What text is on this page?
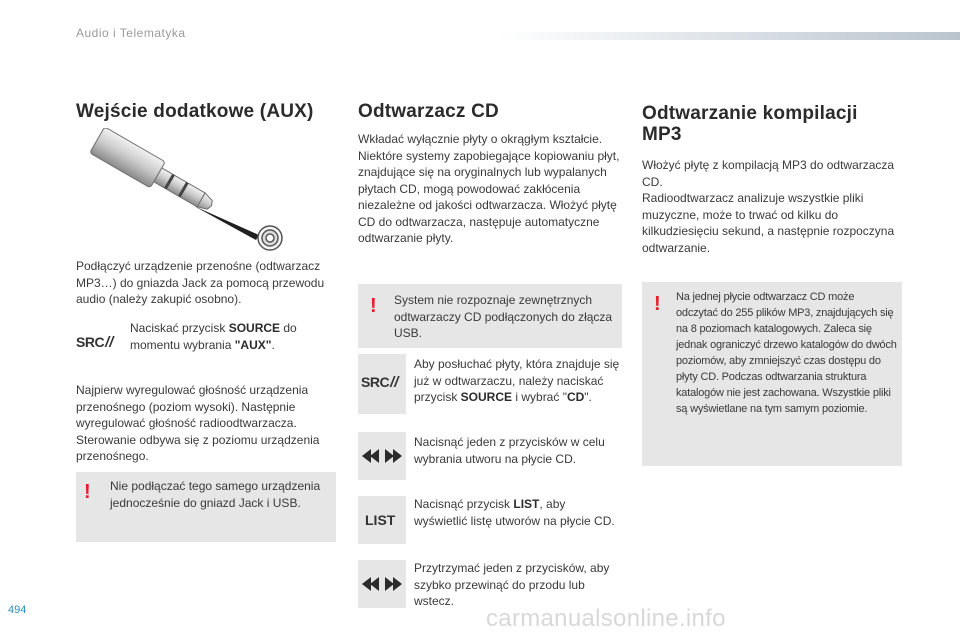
Audio i Telematyka
Wejście dodatkowe (AUX)

Podłączyć urządzenie przenośne (odtwarzacz MP3…) do gniazda Jack za pomocą przewodu audio (należy zakupić osobno).

SRC//

Naciskać przycisk SOURCE do momentu wybrania "AUX".

Najpierw wyregulować głośność urządzenia przenośnego (poziom wysoki). Następnie wyregulować głośność radioodtwarzacza. Sterowanie odbywa się z poziomu urządzenia przenośnego.

! Nie podłączać tego samego urządzenia jednocześnie do gniazd Jack i USB.
Odtwarzacz CD

Wkładać wyłącznie płyty o okrągłym kształcie. Niektóre systemy zapobiegające kopiowaniu płyt, znajdujące się na oryginalnych lub wypalanych płytach CD, mogą powodować zakłócenia niezależne od jakości odtwarzacza. Włożyć płytę CD do odtwarzacza, następuje automatyczne odtwarzanie płyty.

! System nie rozpoznaje zewnętrznych odtwarzaczy CD podłączonych do złącza USB.
SRC//

Aby posłuchać płyty, która znajduje się już w odtwarzaczu, należy naciskać przycisk SOURCE i wybrać "CD".

Nacisnąć jeden z przycisków w celu wybrania utworu na płycie CD.

LIST

Nacisnąć przycisk LIST, aby wyświetlić listę utworów na płycie CD.

Przytrzymać jeden z przycisków, aby szybko przewinąć do przodu lub wstecz.

Odtwarzanie kompilacji MP3

Włożyć płytę z kompilacją MP3 do odtwarzacza CD.

Radioodtwarzacz analizuje wszystkie pliki muzyczne, może to trwać od kilku do kilkudziesięciu sekund, a następnie rozpoczyna odtwarzanie.

! Na jednej płycie odtwarzacz CD może odczytać do 255 plików MP3, znajdujących się na 8 poziomach katalogowych. Zaleca się jednak ograniczyć drzewo katalogów do dwóch poziomów, aby zmniejszyć czas dostępu do płyty CD. Podczas odtwarzania struktura katalogów nie jest zachowana. Wszystkie pliki są wyświetlane na tym samym poziomie.
494	carmanualsonline.info
